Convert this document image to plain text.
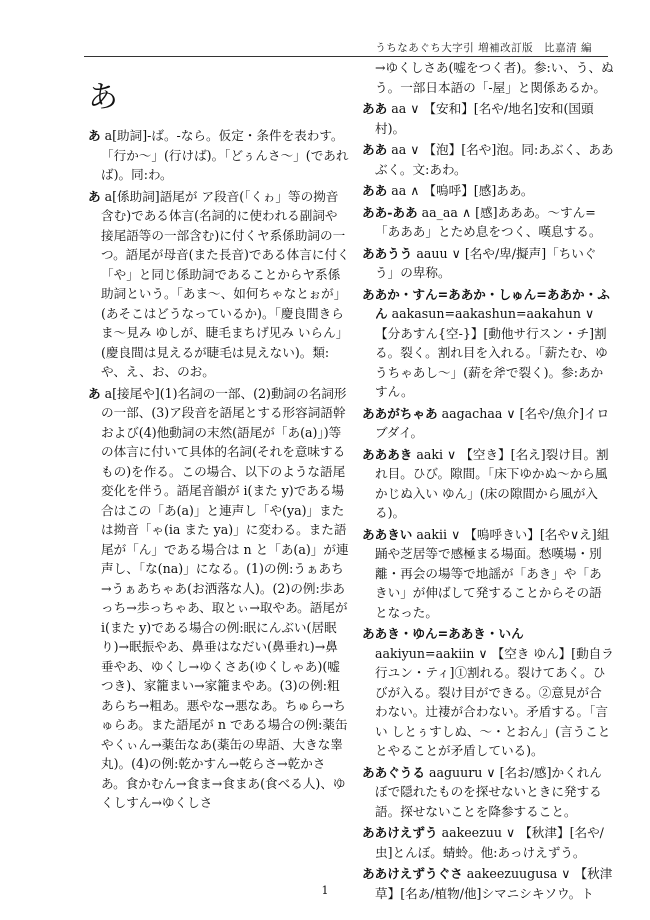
うちなあぐち大字引 増補改訂版　比嘉清 編
あ

あ a[助詞]-ば。-なら。仮定・条件を表わす。「行か～」(行けば)。「どぅんさ～」(であれば)。同:わ。

あ a[係助詞]語尾が ア段音(「くゎ」等の拗音含む)である体言(名詞的に使われる副詞や接尾語等の一部含む)に付くヤ系係助詞の一つ。語尾が母音(また長音)である体言に付く「や」と同じ係助詞であることからヤ系係助詞という。「あま～、如何ちゃなとぉが」(あそこはどうなっているか)。「慶良間きらま～見み ゆしが、睫毛まちげ见み いらん」(慶良間は見えるが睫毛は見えない)。類:や、え、お、のお。

あ a[接尾や](1)名詞の一部、(2)動詞の名詞形の一部、(3)ア段音を語尾とする形容詞語幹および(4)他動詞の末然(語尾が「あ(a)」)等の体言に付いて具体的名詞(それを意味するもの)を作る。この場合、以下のような語尾変化を伴う。語尾音韻が i(また y)である場合はこの「あ(a)」と連声し「や(ya)」または拗音「ゃ(ia また ya)」に変わる。また語尾が「ん」である場合は n と「あ(a)」が連声し、「な(na)」になる。(1)の例:うぁあち→うぁあちゃあ(お洒落な人)。(2)の例:歩あ っち→歩っちゃあ、取とぃ→取やあ。語尾が i(また y)である場合の例:眠にんぶい(居眠り)→眠振やあ、鼻垂はなだい(鼻垂れ)→鼻垂やあ、ゆくし→ゆくさあ(ゆくしゃあ)(嘘つき)、家籠まい→家籠まやあ。(3)の例:粗あらち→粗あ。悪やな→悪なあ。ちゅら→ちゅらあ。また語尾が n である場合の例:薬缶やくぃん→薬缶なあ(薬缶の卑語、大きな睾丸)。(4)の例:乾かすん→乾らさ→乾かさあ。食かむん→食ま→食まあ(食べる人)、ゆくしすん→ゆくしさ

→ゆくしさあ(嘘をつく者)。参:い、う、ぬう。一部日本語の「-屋」と関係あるか。

ああ aa ∨ 【安和】[名や/地名]安和(国頭村)。

ああ aa ∨ 【泡】[名や]泡。同:あぶく、ああぶく。文:あわ。

ああ aa ∧ 【嗚呼】[感]ああ。

ああ-ああ aa_aa ∧ [感]あああ。～すん=「あああ」とため息をつく、嘆息する。

ああうう aauu ∨ [名や/卑/擬声]「ちいぐう」の卑称。

ああか・すん=ああか・しゅん=ああか・ふん aakasun=aakashun=aakahun ∨ 【分あすん{空-}】[動他サ行スン・チ]割る。裂く。割れ目を入れる。「薪たむ、ゆうちゃあし～」(薪を斧で裂く)。参:あかすん。

ああがちゃあ aagachaa ∨ [名や/魚介]イロブダイ。

あああき aaki ∨ 【空き】[名え]裂け目。割れ目。ひび。隙間。「床下ゆかぬ～から風かじぬ入い ゆん」(床の隙間から風が入る)。

ああきい aakii ∨ 【嗚呼きい】[名や∨え]組踊や芝居等で感極まる場面。愁嘆場・別離・再会の場等で地謡が「あき」や「あきい」が伸ばして発することからその語となった。

ああき・ゆん=ああき・いん aakiyun=aakiin ∨ 【空き ゆん】[動自ラ行ユン・ティ]①割れる。裂けてあく。ひびが入る。裂け目ができる。②意見が合わない。辻褄が合わない。矛盾する。「言い しとぅすしぬ、～・とおん」(言うこととやることが矛盾している)。

ああぐうる aaguuru ∨ [名お/感]かくれんぼで隠れたものを探せないときに発する語。探せないことを降参すること。

ああけえずう aakeezuu ∨ 【秋津】[名や/虫]とんぼ。蜻蛉。他:あっけえずう。

ああけえずうぐさ aakeezuugusa ∨ 【秋津草】[名あ/植物/他]シマニシキソウ。ト

1
